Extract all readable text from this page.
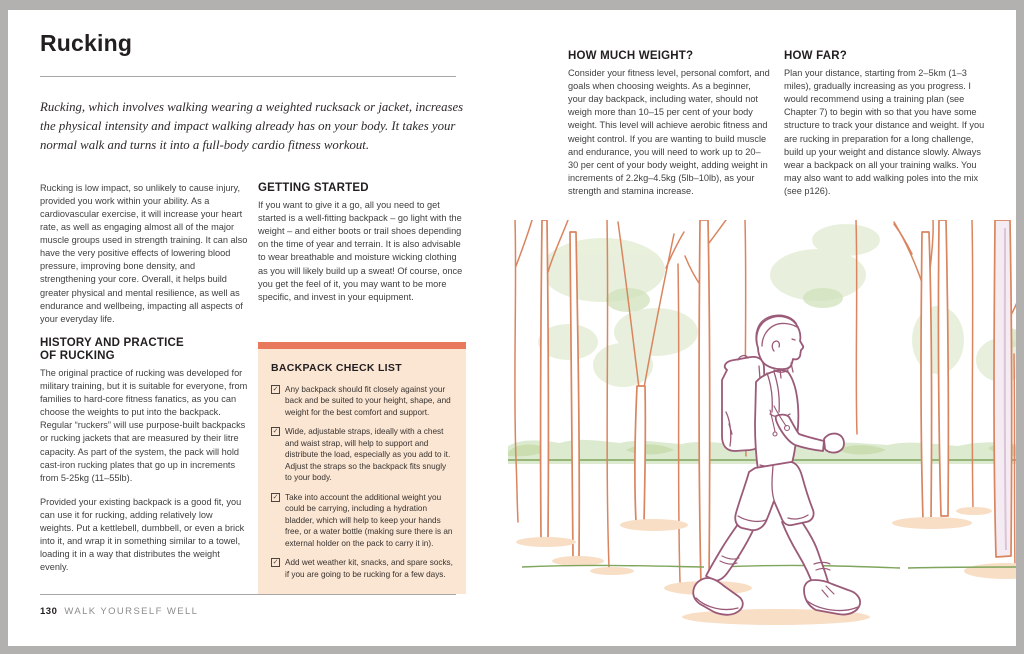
Rucking
Rucking, which involves walking wearing a weighted rucksack or jacket, increases the physical intensity and impact walking already has on your body. It takes your normal walk and turns it into a full-body cardio fitness workout.

Rucking is low impact, so unlikely to cause injury, provided you work within your ability. As a cardiovascular exercise, it will increase your heart rate, as well as engaging almost all of the major muscle groups used in strength training. It can also have the very positive effects of lowering blood pressure, improving bone density, and strengthening your core. Overall, it helps build greater physical and mental resilience, as well as endurance and wellbeing, impacting all aspects of your everyday life.

HISTORY AND PRACTICE OF RUCKING

The original practice of rucking was developed for military training, but it is suitable for everyone, from families to hard-core fitness fanatics, as you can choose the weights to put into the backpack. Regular “ruckers” will use purpose-built backpacks or rucking jackets that are measured by their litre capacity. As part of the system, the pack will hold cast-iron rucking plates that go up in increments from 5-25kg (11–55lb).

Provided your existing backpack is a good fit, you can use it for rucking, adding relatively low weights. Put a kettlebell, dumbbell, or even a brick into it, and wrap it in something similar to a towel, loading it in a way that distributes the weight evenly.

GETTING STARTED

If you want to give it a go, all you need to get started is a well-fitting backpack – go light with the weight – and either boots or trail shoes depending on the time of year and terrain. It is also advisable to wear breathable and moisture wicking clothing as you will likely build up a sweat! Of course, once you get the feel of it, you may want to be more specific, and invest in your equipment.

BACKPACK CHECK LIST
✓ Any backpack should fit closely against your back and be suited to your height, shape, and weight for the best comfort and support.
✓ Wide, adjustable straps, ideally with a chest and waist strap, will help to support and distribute the load, especially as you add to it. Adjust the straps so the backpack fits snugly to your body.
✓ Take into account the additional weight you could be carrying, including a hydration bladder, which will help to keep your hands free, or a water bottle (making sure there is an external holder on the pack to carry it in).
✓ Add wet weather kit, snacks, and spare socks, if you are going to be rucking for a few days.
HOW MUCH WEIGHT?

Consider your fitness level, personal comfort, and goals when choosing weights. As a beginner, your day backpack, including water, should not weigh more than 10–15 per cent of your body weight. This level will achieve aerobic fitness and weight control. If you are wanting to build muscle and endurance, you will need to work up to 20–30 per cent of your body weight, adding weight in increments of 2.2kg–4.5kg (5lb–10lb), as your strength and stamina increase.

HOW FAR?

Plan your distance, starting from 2–5km (1–3 miles), gradually increasing as you progress. I would recommend using a training plan (see Chapter 7) to begin with so that you have some structure to track your distance and weight. If you are rucking in preparation for a long challenge, build up your weight and distance slowly. Always wear a backpack on all your training walks. You may also want to add walking poles into the mix (see p126).

130 WALK YOURSELF WELL
